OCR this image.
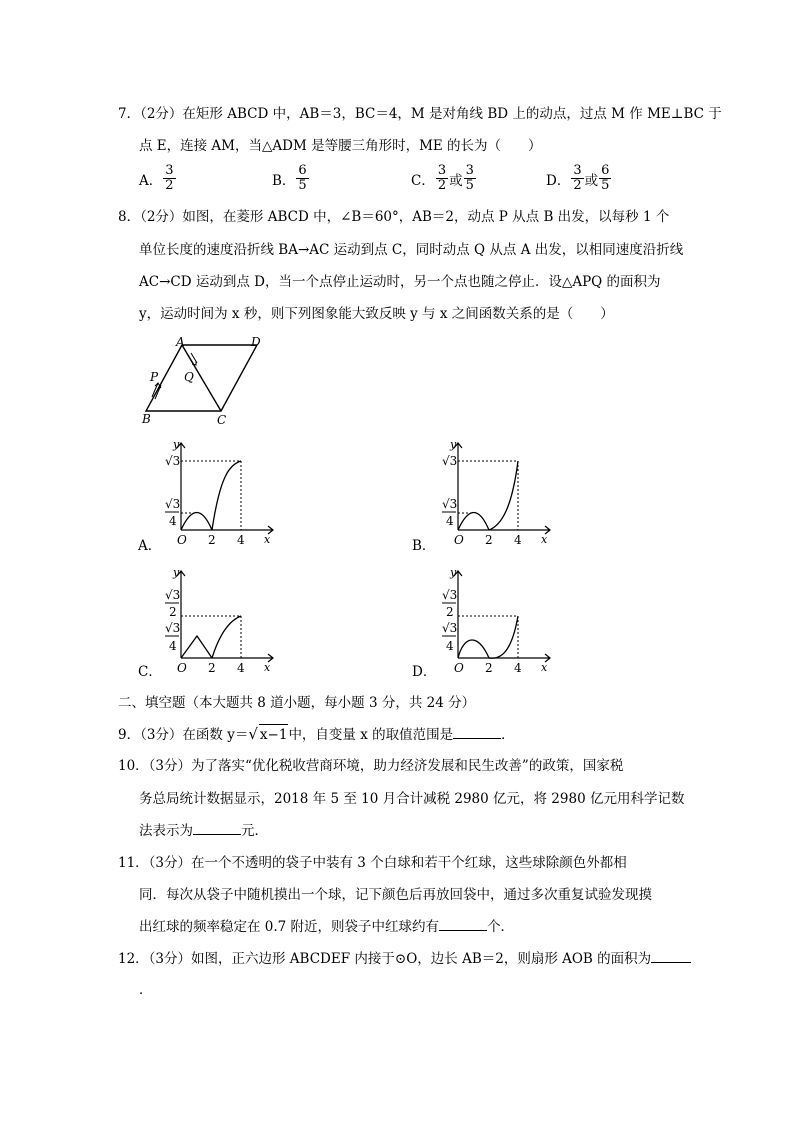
7．（2分）在矩形 ABCD 中，AB＝3，BC＝4，M 是对角线 BD 上的动点，过点 M 作 ME⊥BC 于
点 E，连接 AM，当△ADM 是等腰三角形时，ME 的长为（　　）
A． $\frac{3}{2}$	B． $\frac{6}{5}$	C． $\frac{3}{2}$ 或 $\frac{3}{5}$	D． $\frac{3}{2}$ 或 $\frac{6}{5}$
8．（2分）如图，在菱形 ABCD 中，∠B＝60°，AB＝2，动点 P 从点 B 出发，以每秒 1 个
单位长度的速度沿折线 BA→AC 运动到点 C，同时动点 Q 从点 A 出发，以相同速度沿折线
AC→CD 运动到点 D，当一个点停止运动时，另一个点也随之停止．设△APQ 的面积为
y，运动时间为 x 秒，则下列图象能大致反映 y 与 x 之间函数关系的是（　　）
A	D
B	C
P Q
y
x
O 2 4
√3
√3
4
A．
y
x
O 2 4
√3
√3
4
B．
y
x
O 2 4
√3
2
√3
4
C．
y
x
O 2 4
√3
2
√3
4
D．
二、填空题（本大题共 8 道小题，每小题 3 分，共 24 分）
9．（3分）在函数 y＝√ x−1中，自变量 x 的取值范围是	．
10．（3分）为了落实“优化税收营商环境，助力经济发展和民生改善”的政策，国家税
务总局统计数据显示，2018 年 5 至 10 月合计减税 2980 亿元，将 2980 亿元用科学记数
法表示为	元．
11．（3分）在一个不透明的袋子中装有 3 个白球和若干个红球，这些球除颜色外都相
同．每次从袋子中随机摸出一个球，记下颜色后再放回袋中，通过多次重复试验发现摸
出红球的频率稳定在 0.7 附近，则袋子中红球约有	个．
12．（3分）如图，正六边形 ABCDEF 内接于⊙O，边长 AB＝2，则扇形 AOB 的面积为
．
